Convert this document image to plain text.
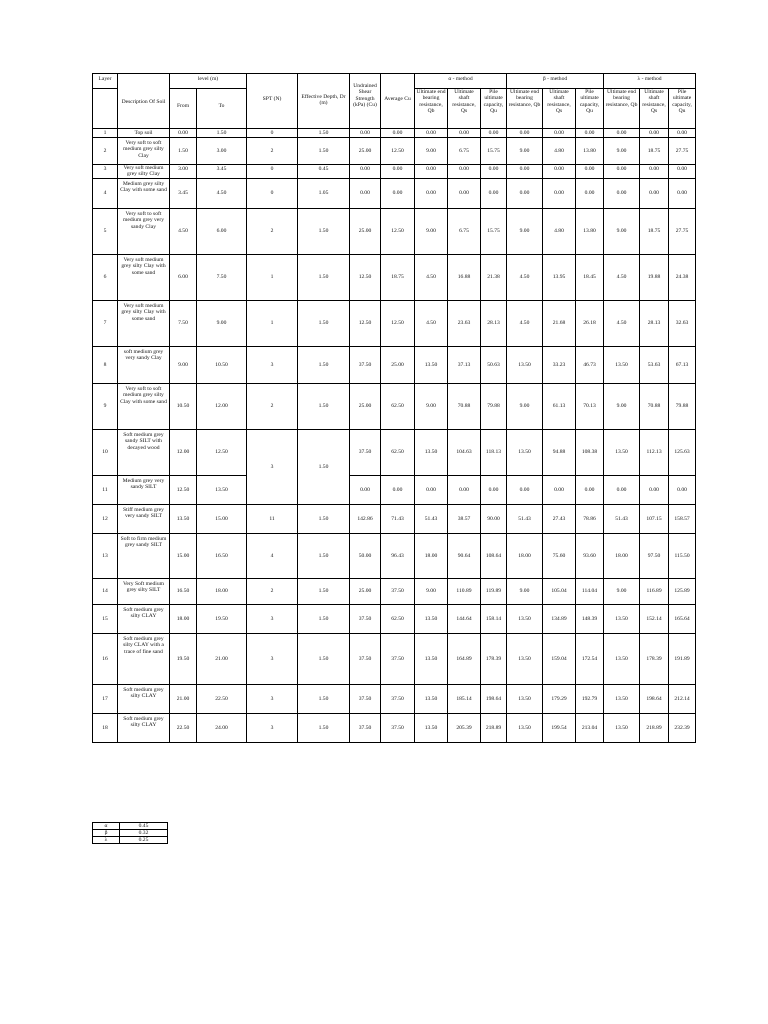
Layer	Description Of Soil	level (m)		SPT (N)	Effective Depth, Dr (m)	Undrained Shear Strength (kPa) (Cu)	Average Cu	α - method			β - method			λ - method		
		From	To					Ultimate end bearing resistance, Qb	Ultimate shaft resistance, Qs	Pile ultimate capacity, Qu	Ultimate end bearing resistance, Qb	Ultimate shaft resistance, Qs	Pile ultimate capacity, Qu	Ultimate end bearing resistance, Qb	Ultimate shaft resistance, Qs	Pile ultimate capacity, Qu
1	Top soil	0.00	1.50	0	1.50	0.00	0.00	0.00	0.00	0.00	0.00	0.00	0.00	0.00	0.00	0.00
2	Very soft to soft medium grey silty Clay	1.50	3.00	2	1.50	25.00	12.50	9.00	6.75	15.75	9.00	4.80	13.80	9.00	18.75	27.75
3	Very soft medium grey silty Clay	3.00	3.45	0	0.45	0.00	0.00	0.00	0.00	0.00	0.00	0.00	0.00	0.00	0.00	0.00
4	Medium grey silty Clay with some sand	3.45	4.50	0	1.05	0.00	0.00	0.00	0.00	0.00	0.00	0.00	0.00	0.00	0.00	0.00
5	Very soft to soft medium grey very sandy Clay	4.50	6.00	2	1.50	25.00	12.50	9.00	6.75	15.75	9.00	4.80	13.80	9.00	18.75	27.75
6	Very soft medium grey silty Clay with some sand	6.00	7.50	1	1.50	12.50	18.75	4.50	16.88	21.38	4.50	13.95	18.45	4.50	19.88	24.38
7	Very soft medium grey silty Clay with some sand	7.50	9.00	1	1.50	12.50	12.50	4.50	23.63	28.13	4.50	21.68	26.18	4.50	28.13	32.63
8	soft medium grey very sandy Clay	9.00	10.50	3	1.50	37.50	25.00	13.50	37.13	50.63	13.50	33.23	46.73	13.50	53.63	67.13
9	Very soft to soft medium grey silty Clay with some sand	10.50	12.00	2	1.50	25.00	62.50	9.00	70.88	79.88	9.00	61.13	70.13	9.00	70.88	79.88
10	Soft medium grey sandy SILT with decayed wood	12.00	12.50	3	1.50	37.50	62.50	13.50	104.63	118.13	13.50	94.88	108.38	13.50	112.13	125.63
11	Medium grey very sandy SILT	12.50	13.50			0.00	0.00	0.00	0.00	0.00	0.00	0.00	0.00	0.00	0.00	0.00
12	Stiff medium grey very sandy SILT	13.50	15.00	11	1.50	142.86	71.43	51.43	38.57	90.00	51.43	27.43	78.86	51.43	107.15	158.57
13	Soft to firm medium grey sandy SILT	15.00	16.50	4	1.50	50.00	96.43	18.00	90.64	108.64	18.00	75.60	93.60	18.00	97.50	115.50
14	Very Soft medium grey silty SILT	16.50	18.00	2	1.50	25.00	37.50	9.00	110.89	119.89	9.00	105.04	114.04	9.00	116.89	125.89
15	Soft medium grey silty CLAY	18.00	19.50	3	1.50	37.50	62.50	13.50	144.64	158.14	13.50	134.89	148.39	13.50	152.14	165.64
16	Soft medium grey silty CLAY with a trace of fine sand	19.50	21.00	3	1.50	37.50	37.50	13.50	164.89	178.39	13.50	159.04	172.54	13.50	178.39	191.89
17	Soft medium grey silty CLAY	21.00	22.50	3	1.50	37.50	37.50	13.50	185.14	198.64	13.50	179.29	192.79	13.50	198.64	212.14
18	Soft medium grey silty CLAY	22.50	24.00	3	1.50	37.50	37.50	13.50	205.39	218.89	13.50	199.54	213.04	13.50	218.89	232.39
α	0.45
β	0.32
λ	0.25
